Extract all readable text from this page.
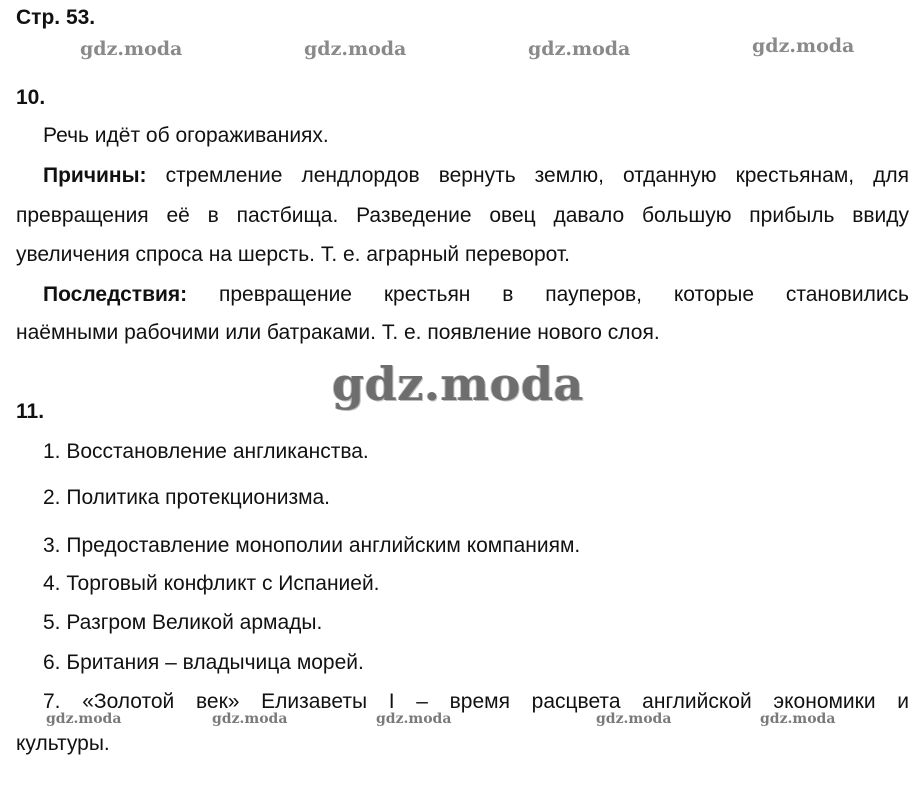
Стр. 53.
gdz.moda	gdz.moda	gdz.moda	gdz.moda
10.
Речь идёт об огораживаниях.
Причины: стремление лендлордов вернуть землю, отданную крестьянам, для
превращения её в пастбища. Разведение овец давало большую прибыль ввиду
увеличения спроса на шерсть. Т. е. аграрный переворот.
Последствия: превращение крестьян в пауперов, которые становились
наёмными рабочими или батраками. Т. е. появление нового слоя.
gdz.moda
11.
1. Восстановление англиканства.
2. Политика протекционизма.
3. Предоставление монополии английским компаниям.
4. Торговый конфликт с Испанией.
5. Разгром Великой армады.
6. Британия – владычица морей.
7. «Золотой век» Елизаветы I – время расцвета английской экономики и
gdz.moda	gdz.moda	gdz.moda	gdz.moda	gdz.moda
культуры.
